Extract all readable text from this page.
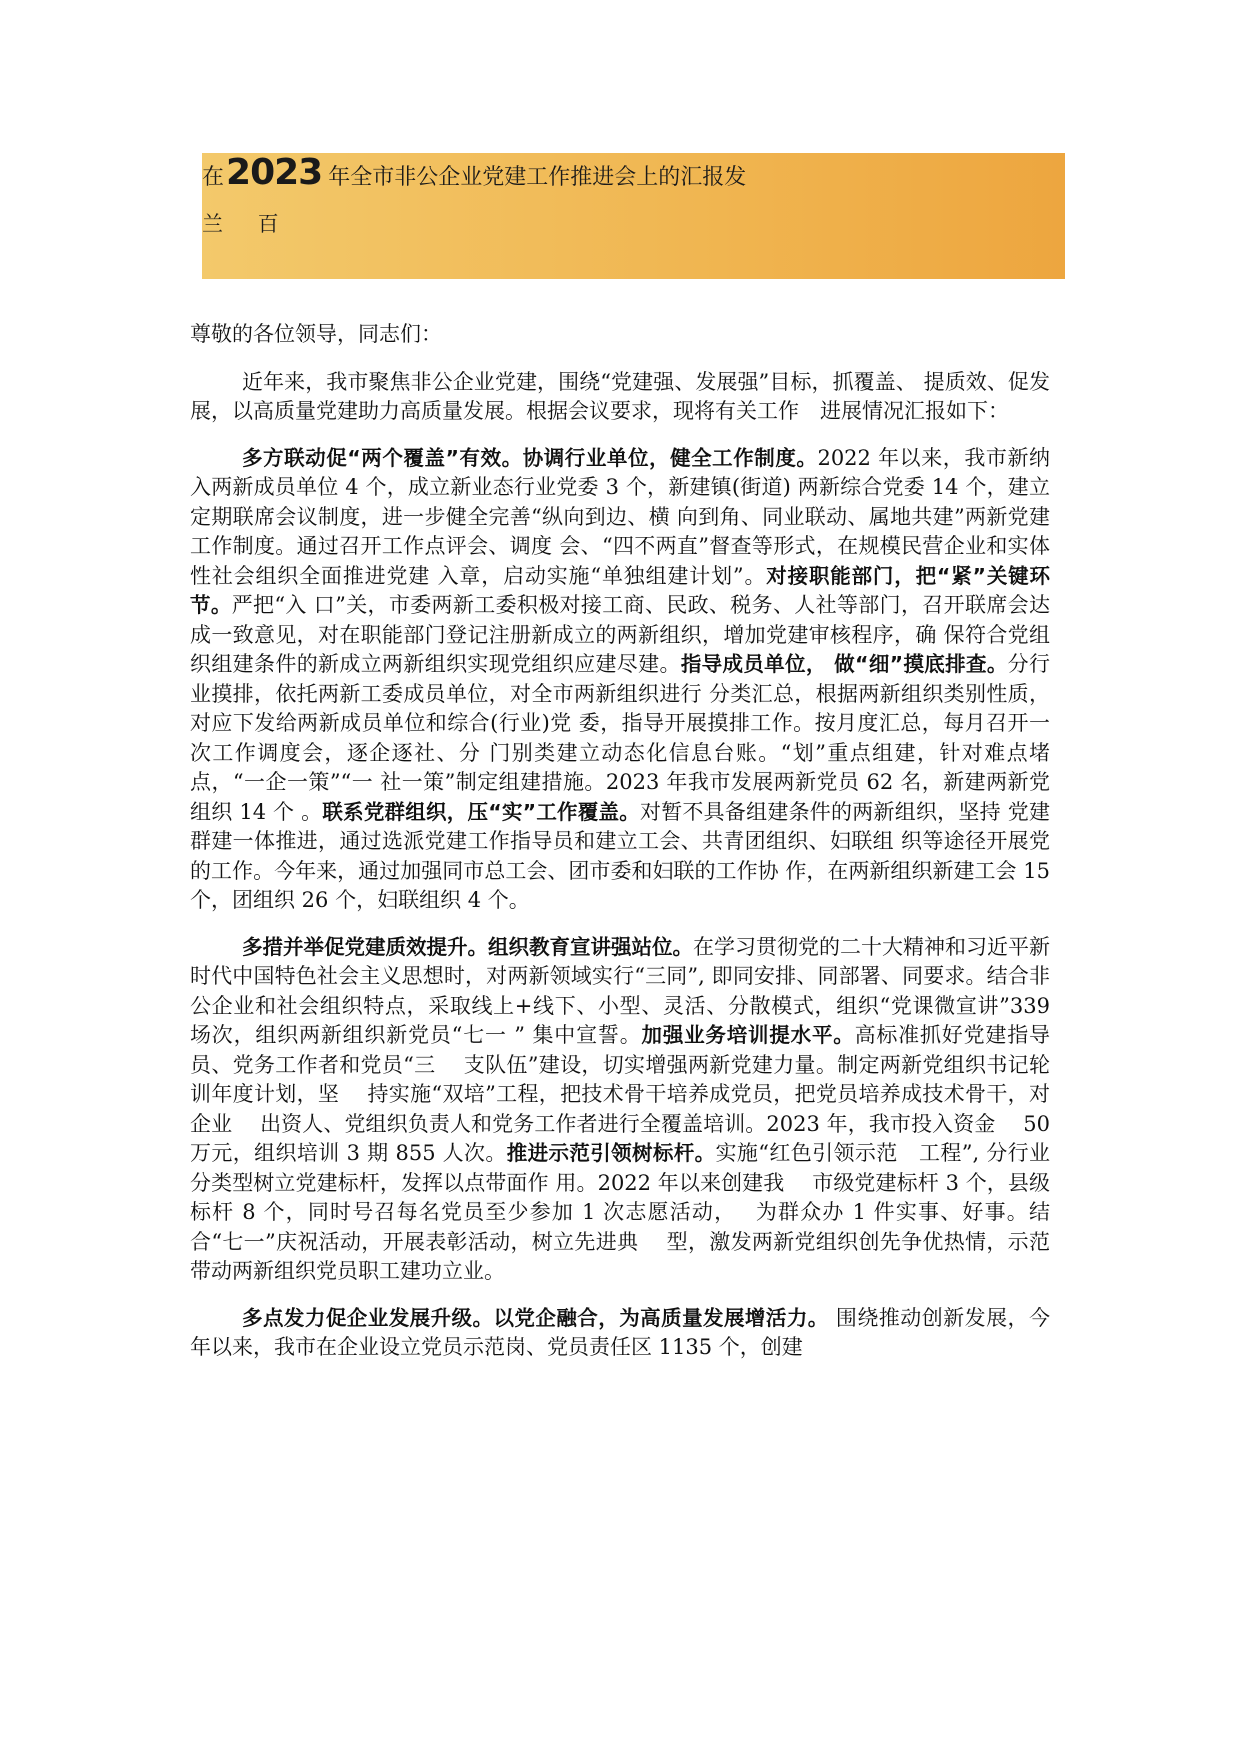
在 2023 年全市非公企业党建工作推进会上的汇报发
兰 百

尊敬的各位领导，同志们：

近年来，我市聚焦非公企业党建，围绕“党建强、发展强”目标，抓覆盖、 提质效、促发展，以高质量党建助力高质量发展。根据会议要求，现将有关工作　进展情况汇报如下：

多方联动促“两个覆盖”有效。协调行业单位，健全工作制度。2022 年以来，我市新纳入两新成员单位 4 个，成立新业态行业党委 3 个，新建镇(街道) 两新综合党委 14 个，建立定期联席会议制度，进一步健全完善“纵向到边、横 向到角、同业联动、属地共建”两新党建工作制度。通过召开工作点评会、调度 会、“四不两直”督查等形式，在规模民营企业和实体性社会组织全面推进党建 入章，启动实施“单独组建计划”。对接职能部门，把“紧”关键环节。严把“入 口”关，市委两新工委积极对接工商、民政、税务、人社等部门，召开联席会达 成一致意见，对在职能部门登记注册新成立的两新组织，增加党建审核程序，确 保符合党组织组建条件的新成立两新组织实现党组织应建尽建。指导成员单位， 做“细”摸底排查。分行业摸排，依托两新工委成员单位，对全市两新组织进行 分类汇总，根据两新组织类别性质，对应下发给两新成员单位和综合(行业)党 委，指导开展摸排工作。按月度汇总，每月召开一次工作调度会，逐企逐社、分 门别类建立动态化信息台账。“划”重点组建，针对难点堵点，“一企一策”“一 社一策”制定组建措施。2023 年我市发展两新党员 62 名，新建两新党组织 14 个 。联系党群组织，压“实”工作覆盖。对暂不具备组建条件的两新组织，坚持 党建群建一体推进，通过选派党建工作指导员和建立工会、共青团组织、妇联组 织等途径开展党的工作。今年来，通过加强同市总工会、团市委和妇联的工作协 作，在两新组织新建工会 15 个，团组织 26 个，妇联组织 4 个。

多措并举促党建质效提升。组织教育宣讲强站位。在学习贯彻党的二十大精神和习近平新时代中国特色社会主义思想时，对两新领域实行“三同”, 即同安排、同部署、同要求。结合非公企业和社会组织特点，采取线上+线下、小型、灵活、分散模式，组织“党课微宣讲”339 场次，组织两新组织新党员“七一 ” 集中宣誓。加强业务培训提水平。高标准抓好党建指导员、党务工作者和党员“三　 支队伍”建设，切实增强两新党建力量。制定两新党组织书记轮训年度计划，坚　 持实施“双培”工程，把技术骨干培养成党员，把党员培养成技术骨干，对企业　 出资人、党组织负责人和党务工作者进行全覆盖培训。2023 年，我市投入资金　 50 万元，组织培训 3 期 855 人次。推进示范引领树标杆。实施“红色引领示范　工程”, 分行业分类型树立党建标杆，发挥以点带面作 用。2022 年以来创建我　 市级党建标杆 3 个，县级标杆 8 个，同时号召每名党员至少参加 1 次志愿活动，　 为群众办 1 件实事、好事。结合“七一”庆祝活动，开展表彰活动，树立先进典　 型，激发两新党组织创先争优热情，示范带动两新组织党员职工建功立业。

多点发力促企业发展升级。以党企融合，为高质量发展增活力。 围绕推动创新发展，今年以来，我市在企业设立党员示范岗、党员责任区 1135 个，创建
